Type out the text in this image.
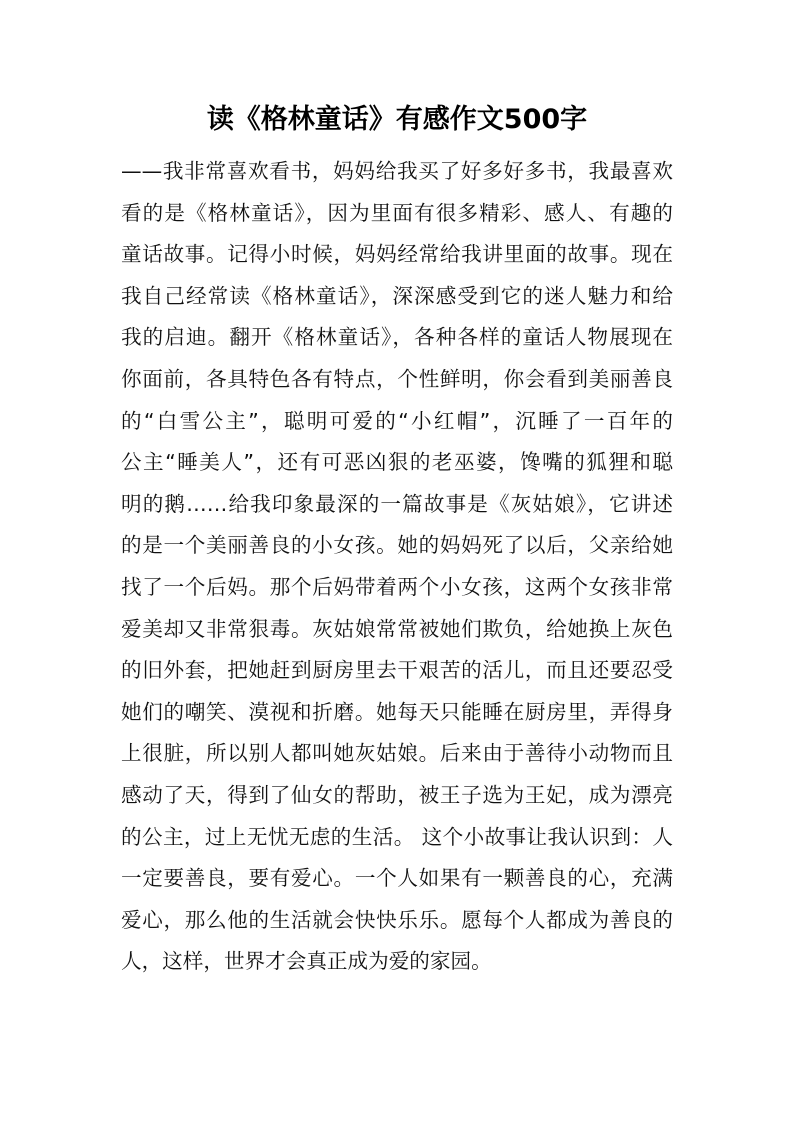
读《格林童话》有感作文500字
——我非常喜欢看书，妈妈给我买了好多好多书，我最喜欢
看的是《格林童话》，因为里面有很多精彩、感人、有趣的
童话故事。记得小时候，妈妈经常给我讲里面的故事。现在
我自己经常读《格林童话》，深深感受到它的迷人魅力和给
我的启迪。翻开《格林童话》，各种各样的童话人物展现在
你面前，各具特色各有特点，个性鲜明，你会看到美丽善良
的“白雪公主”，聪明可爱的“小红帽”，沉睡了一百年的
公主“睡美人”，还有可恶凶狠的老巫婆，馋嘴的狐狸和聪
明的鹅……给我印象最深的一篇故事是《灰姑娘》，它讲述
的是一个美丽善良的小女孩。她的妈妈死了以后，父亲给她
找了一个后妈。那个后妈带着两个小女孩，这两个女孩非常
爱美却又非常狠毒。灰姑娘常常被她们欺负，给她换上灰色
的旧外套，把她赶到厨房里去干艰苦的活儿，而且还要忍受
她们的嘲笑、漠视和折磨。她每天只能睡在厨房里，弄得身
上很脏，所以别人都叫她灰姑娘。后来由于善待小动物而且
感动了天，得到了仙女的帮助，被王子选为王妃，成为漂亮
的公主，过上无忧无虑的生活。 这个小故事让我认识到：人
一定要善良，要有爱心。一个人如果有一颗善良的心，充满
爱心，那么他的生活就会快快乐乐。愿每个人都成为善良的
人，这样，世界才会真正成为爱的家园。
